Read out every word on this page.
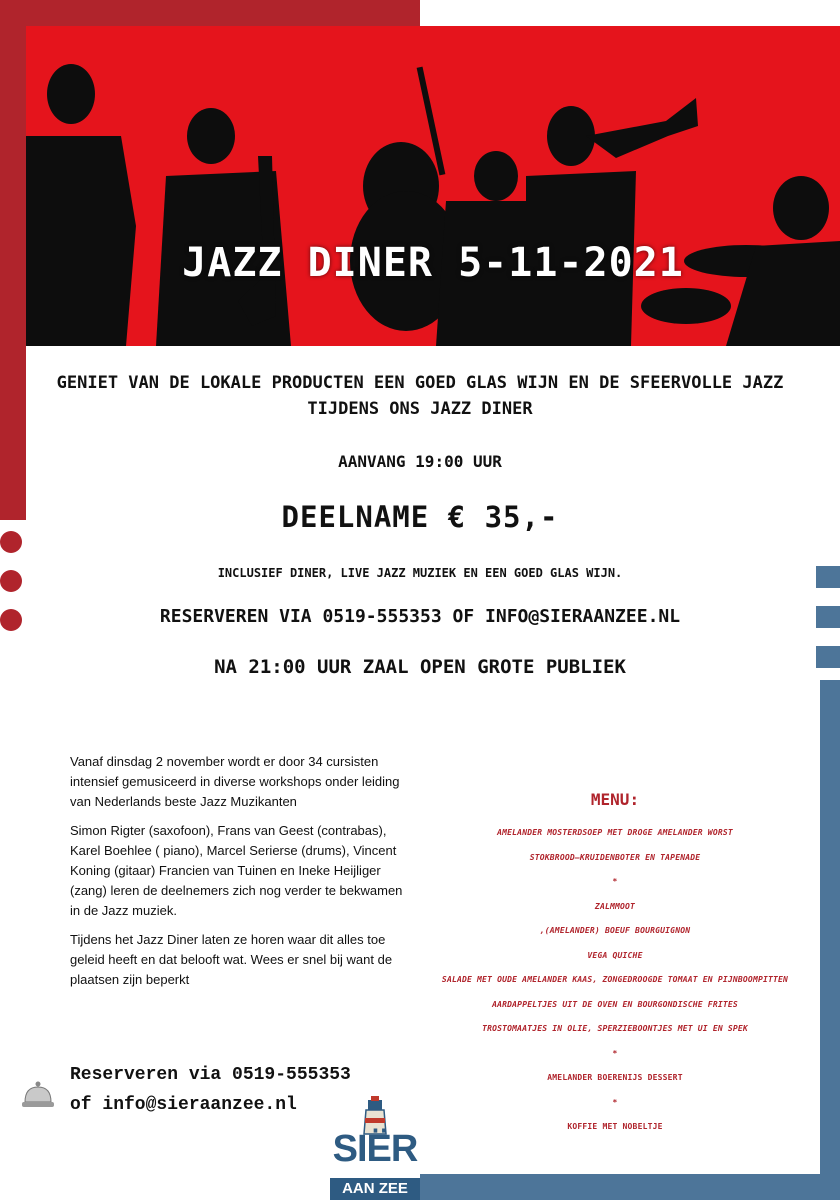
JAZZ DINER 5-11-2021
GENIET VAN DE LOKALE PRODUCTEN EEN GOED GLAS WIJN EN DE SFEERVOLLE JAZZ
TIJDENS ONS JAZZ DINER
AANVANG 19:00 UUR
DEELNAME € 35,-
INCLUSIEF DINER, LIVE JAZZ MUZIEK EN EEN GOED GLAS WIJN.
RESERVEREN VIA 0519-555353 OF INFO@SIERAANZEE.NL
NA 21:00 UUR ZAAL OPEN GROTE PUBLIEK

Vanaf dinsdag 2 november wordt er door 34 cursisten intensief gemusiceerd in diverse workshops onder leiding van Nederlands beste Jazz Muzikanten

Simon Rigter (saxofoon), Frans van Geest (contrabas), Karel Boehlee ( piano), Marcel Serierse (drums), Vincent Koning (gitaar) Francien van Tuinen en Ineke Heijliger (zang) leren de deelnemers zich nog verder te bekwamen in de Jazz muziek.

Tijdens het Jazz Diner laten ze horen waar dit alles toe geleid heeft en dat belooft wat. Wees er snel bij want de plaatsen zijn beperkt

MENU:
AMELANDER MOSTERDSOEP MET DROGE AMELANDER WORST
STOKBROOD—KRUIDENBOTER EN TAPENADE
*
ZALMMOOT
,(AMELANDER) BOEUF BOURGUIGNON
VEGA QUICHE
SALADE MET OUDE AMELANDER KAAS, ZONGEDROOGDE TOMAAT EN PIJNBOOMPITTEN
AARDAPPELTJES UIT DE OVEN EN BOURGONDISCHE FRITES
TROSTOMAATJES IN OLIE, SPERZIEBOONTJES MET UI EN SPEK
*
AMELANDER BOERENIJS DESSERT
*
KOFFIE MET NOBELTJE
Reserveren via 0519-555353
of info@sieraanzee.nl
SIËR
AAN ZEE
